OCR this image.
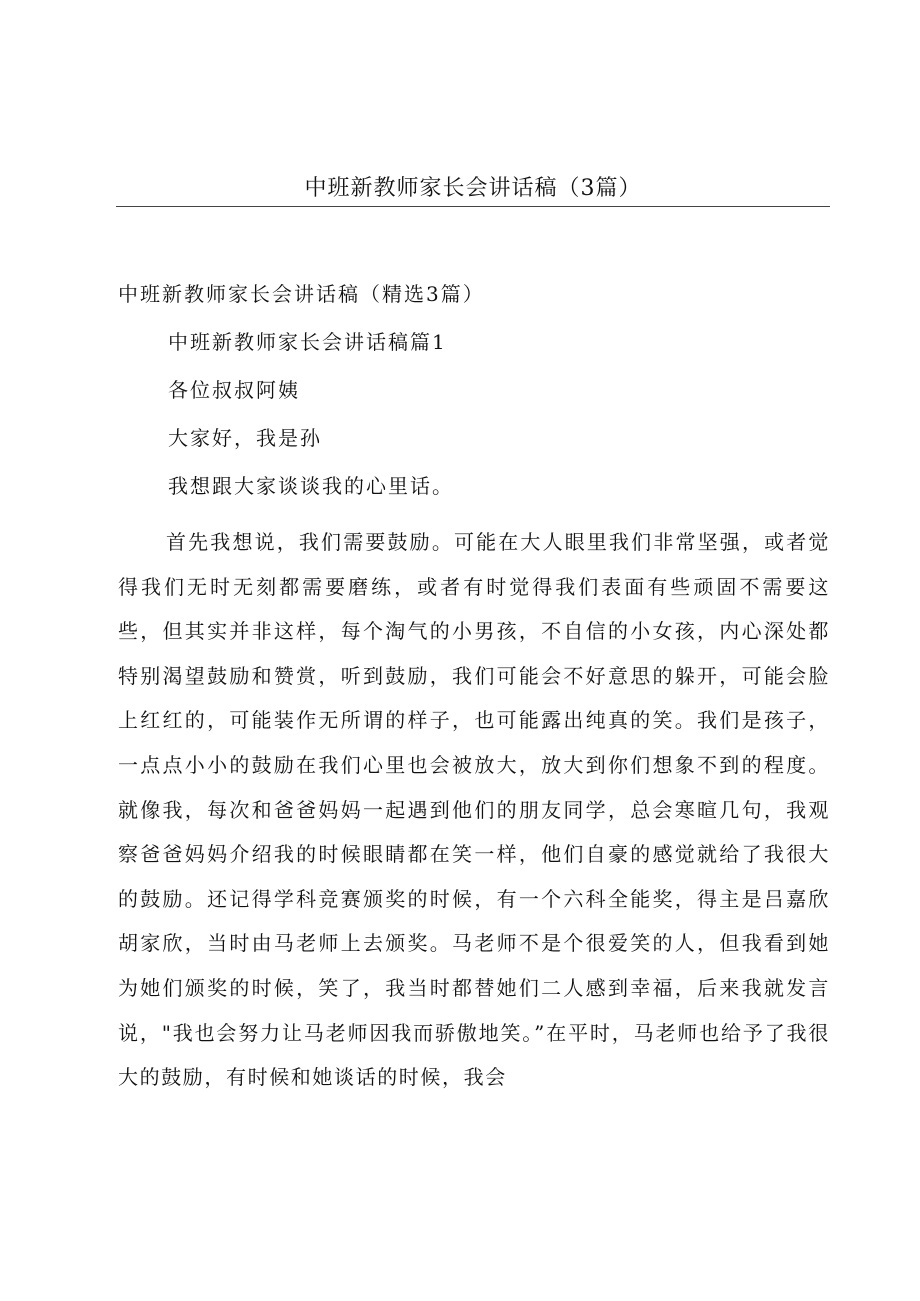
中班新教师家长会讲话稿（3篇）

中班新教师家长会讲话稿（精选3篇）

中班新教师家长会讲话稿篇1

各位叔叔阿姨

大家好，我是孙

我想跟大家谈谈我的心里话。

首先我想说，我们需要鼓励。可能在大人眼里我们非常坚强，或者觉得我们无时无刻都需要磨练，或者有时觉得我们表面有些顽固不需要这些，但其实并非这样，每个淘气的小男孩，不自信的小女孩，内心深处都特别渴望鼓励和赞赏，听到鼓励，我们可能会不好意思的躲开，可能会脸上红红的，可能装作无所谓的样子，也可能露出纯真的笑。我们是孩子，一点点小小的鼓励在我们心里也会被放大，放大到你们想象不到的程度。就像我，每次和爸爸妈妈一起遇到他们的朋友同学，总会寒暄几句，我观察爸爸妈妈介绍我的时候眼睛都在笑一样，他们自豪的感觉就给了我很大的鼓励。还记得学科竞赛颁奖的时候，有一个六科全能奖，得主是吕嘉欣胡家欣，当时由马老师上去颁奖。马老师不是个很爱笑的人，但我看到她为她们颁奖的时候，笑了，我当时都替她们二人感到幸福，后来我就发言说，"我也会努力让马老师因我而骄傲地笑。”在平时，马老师也给予了我很大的鼓励，有时候和她谈话的时候，我会
